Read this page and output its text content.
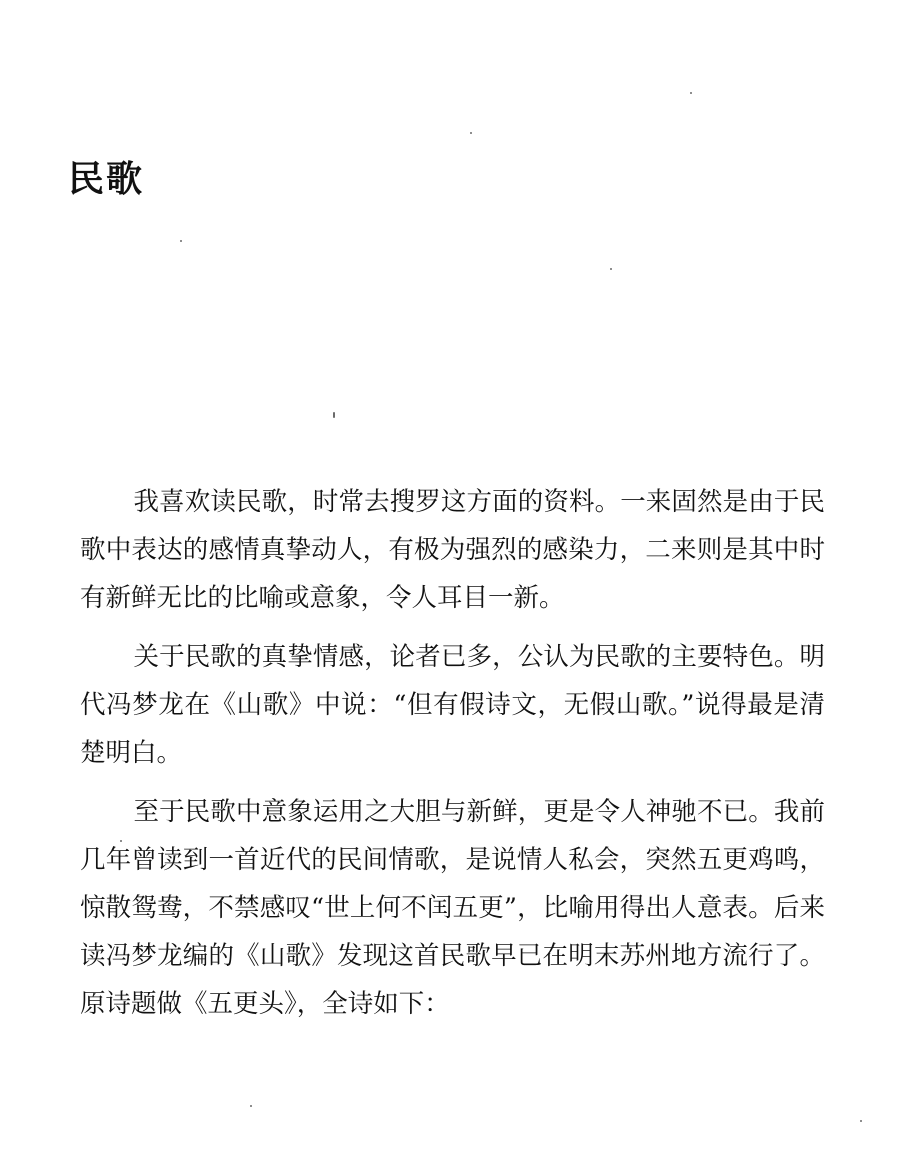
民歌

我喜欢读民歌，时常去搜罗这方面的资料。一来固然是由于民歌中表达的感情真挚动人，有极为强烈的感染力，二来则是其中时有新鲜无比的比喻或意象，令人耳目一新。

关于民歌的真挚情感，论者已多，公认为民歌的主要特色。明代冯梦龙在《山歌》中说：“但有假诗文，无假山歌。”说得最是清楚明白。

至于民歌中意象运用之大胆与新鲜，更是令人神驰不已。我前几年曾读到一首近代的民间情歌，是说情人私会，突然五更鸡鸣，惊散鸳鸯，不禁感叹“世上何不闰五更”，比喻用得出人意表。后来读冯梦龙编的《山歌》发现这首民歌早已在明末苏州地方流行了。原诗题做《五更头》，全诗如下：
